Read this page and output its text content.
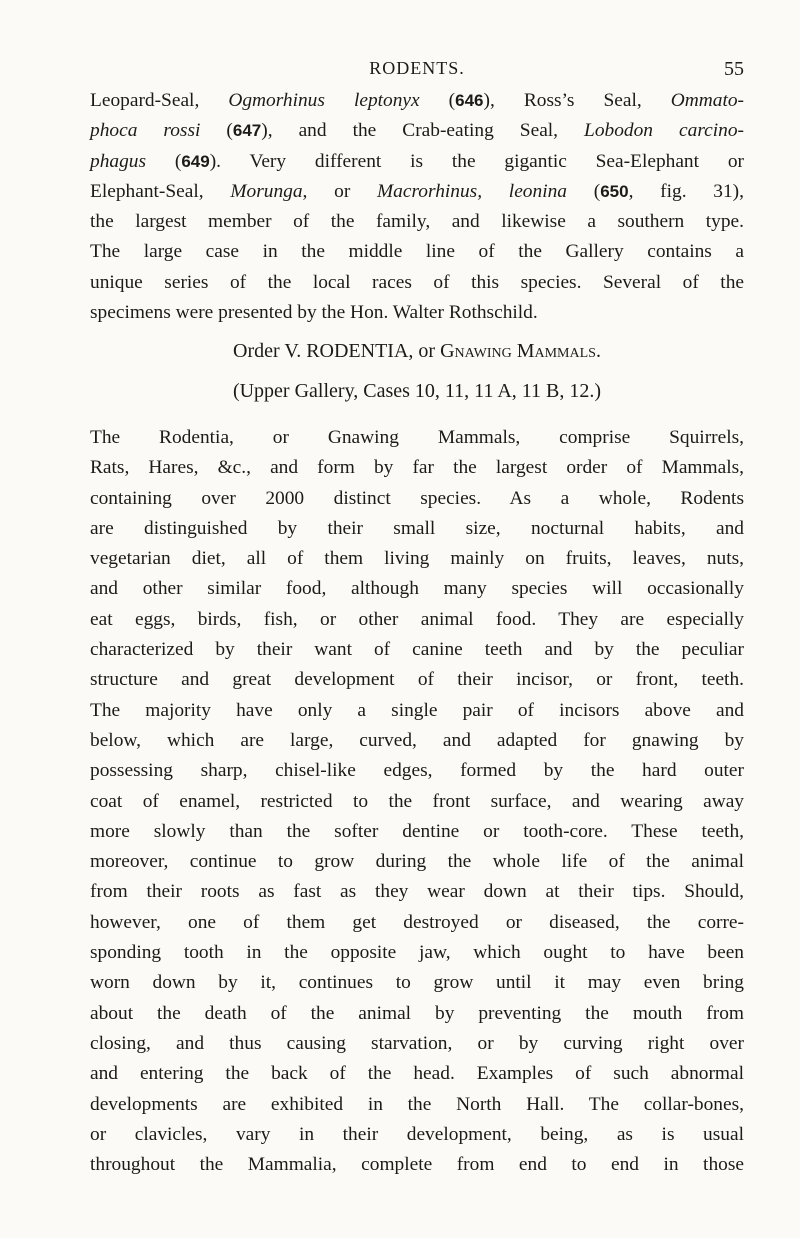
RODENTS.	55
Leopard-Seal, Ogmorhinus leptonyx (646), Ross’s Seal, Ommato-
phoca rossi (647), and the Crab-eating Seal, Lobodon carcino-
phagus (649). Very different is the gigantic Sea-Elephant or
Elephant-Seal, Morunga, or Macrorhinus, leonina (650, fig. 31),
the largest member of the family, and likewise a southern type.
The large case in the middle line of the Gallery contains a
unique series of the local races of this species. Several of the
specimens were presented by the Hon. Walter Rothschild.
Order V. RODENTIA, or Gnawing Mammals.
(Upper Gallery, Cases 10, 11, 11 A, 11 B, 12.)
The Rodentia, or Gnawing Mammals, comprise Squirrels,
Rats, Hares, &c., and form by far the largest order of Mammals,
containing over 2000 distinct species. As a whole, Rodents
are distinguished by their small size, nocturnal habits, and
vegetarian diet, all of them living mainly on fruits, leaves, nuts,
and other similar food, although many species will occasionally
eat eggs, birds, fish, or other animal food. They are especially
characterized by their want of canine teeth and by the peculiar
structure and great development of their incisor, or front, teeth.
The majority have only a single pair of incisors above and
below, which are large, curved, and adapted for gnawing by
possessing sharp, chisel-like edges, formed by the hard outer
coat of enamel, restricted to the front surface, and wearing away
more slowly than the softer dentine or tooth-core. These teeth,
moreover, continue to grow during the whole life of the animal
from their roots as fast as they wear down at their tips. Should,
however, one of them get destroyed or diseased, the corre-
sponding tooth in the opposite jaw, which ought to have been
worn down by it, continues to grow until it may even bring
about the death of the animal by preventing the mouth from
closing, and thus causing starvation, or by curving right over
and entering the back of the head. Examples of such abnormal
developments are exhibited in the North Hall. The collar-bones,
or clavicles, vary in their development, being, as is usual
throughout the Mammalia, complete from end to end in those
